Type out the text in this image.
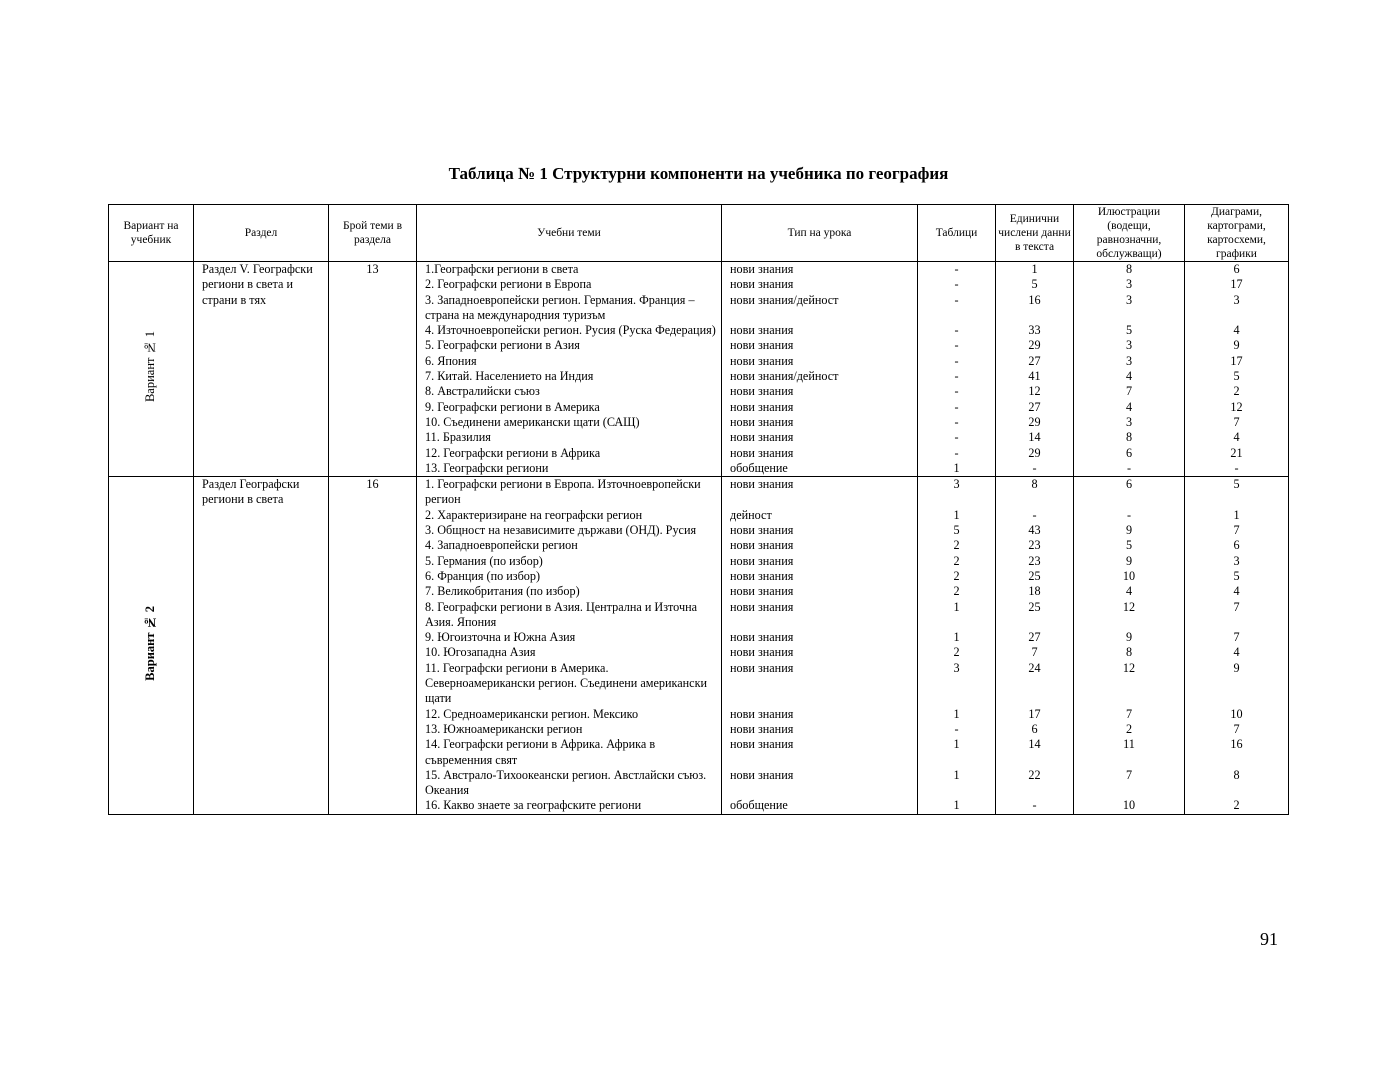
Таблица № 1 Структурни компоненти на учебника по география
Вариант на учебник	Раздел	Брой теми в раздела	Учебни теми	Тип на урока	Таблици	Единични числени данни в текста	Илюстрации (водещи, равнозначни, обслужващи)	Диаграми, картограми, картосхеми, графики
Вариант № 1	Раздел V. Географски региони в света и страни в тях	13	1.Географски региони в света	нови знания	-	1	8	6
			2. Географски региони в Европа	нови знания	-	5	3	17
			3. Западноевропейски регион. Германия. Франция – страна на международния туризъм	нови знания/дейност	-	16	3	3
			4. Източноевропейски регион. Русия (Руска Федерация)	нови знания	-	33	5	4
			5. Географски региони в Азия	нови знания	-	29	3	9
			6. Япония	нови знания	-	27	3	17
			7. Китай. Населението на Индия	нови знания/дейност	-	41	4	5
			8. Австралийски съюз	нови знания	-	12	7	2
			9. Географски региони в Америка	нови знания	-	27	4	12
			10. Съединени американски щати (САЩ)	нови знания	-	29	3	7
			11. Бразилия	нови знания	-	14	8	4
			12. Географски региони в Африка	нови знания	-	29	6	21
			13. Географски региони	обобщение	1	-	-	-
Вариант № 2	Раздел Географски региони в света	16	1. Географски региони в Европа. Източноевропейски регион	нови знания	3	8	6	5
			2. Характеризиране на географски регион	дейност	1	-	-	1
			3. Общност на независимите държави (ОНД). Русия	нови знания	5	43	9	7
			4. Западноевропейски регион	нови знания	2	23	5	6
			5. Германия (по избор)	нови знания	2	23	9	3
			6. Франция (по избор)	нови знания	2	25	10	5
			7. Великобритания (по избор)	нови знания	2	18	4	4
			8. Географски региони в Азия. Централна и Източна Азия. Япония	нови знания	1	25	12	7
			9. Югоизточна и Южна Азия	нови знания	1	27	9	7
			10. Югозападна Азия	нови знания	2	7	8	4
			11. Географски региони в Америка. Северноамерикански регион. Съединени американски щати	нови знания	3	24	12	9
			12. Средноамерикански регион. Мексико	нови знания	1	17	7	10
			13. Южноамерикански регион	нови знания	-	6	2	7
			14. Географски региони в Африка. Африка в съвременния свят	нови знания	1	14	11	16
			15. Австрало-Тихоокеански регион. Австлайски съюз. Океания	нови знания	1	22	7	8
			16. Какво знаете за географските региони	обобщение	1	-	10	2
91
